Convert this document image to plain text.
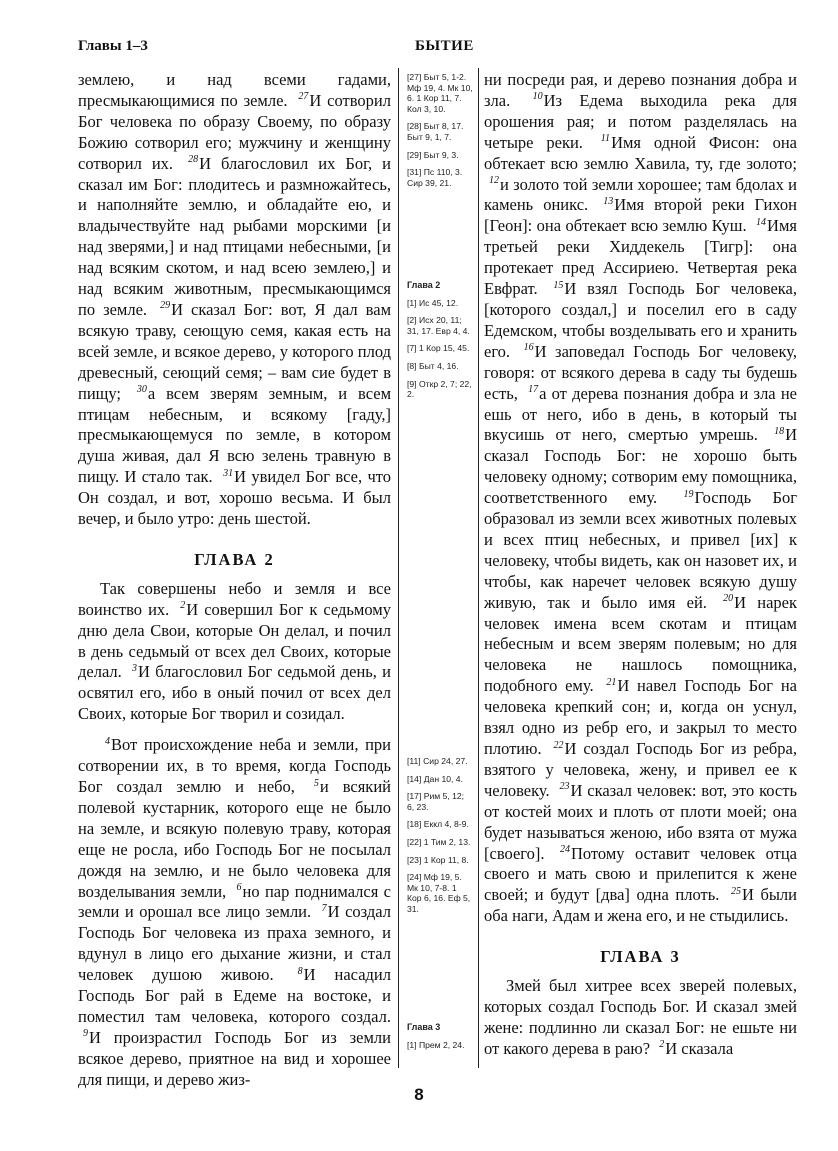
Главы 1–3	БЫТИЕ

землею, и над всеми гадами, пресмыкающимися по земле. $^{27}$И сотворил Бог человека по образу Своему, по образу Божию сотворил его; мужчину и женщину сотворил их. $^{28}$И благословил их Бог, и сказал им Бог: плодитесь и размножайтесь, и наполняйте землю, и обладайте ею, и владычествуйте над рыбами морскими [и над зверями,] и над птицами небесными, [и над всяким скотом, и над всею землею,] и над всяким животным, пресмыкающимся по земле. $^{29}$И сказал Бог: вот, Я дал вам всякую траву, сеющую семя, какая есть на всей земле, и всякое дерево, у которого плод древесный, сеющий семя; – вам сие будет в пищу; $^{30}$а всем зверям земным, и всем птицам небесным, и всякому [гаду,] пресмыкающемуся по земле, в котором душа живая, дал Я всю зелень травную в пищу. И стало так. $^{31}$И увидел Бог все, что Он создал, и вот, хорошо весьма. И был вечер, и было утро: день шестой.

ГЛАВА 2

Так совершены небо и земля и все воинство их. $^2$И совершил Бог к седьмому дню дела Свои, которые Он делал, и почил в день седьмый от всех дел Своих, которые делал. $^3$И благословил Бог седьмой день, и освятил его, ибо в оный почил от всех дел Своих, которые Бог творил и созидал.

$^4$Вот происхождение неба и земли, при сотворении их, в то время, когда Господь Бог создал землю и небо, $^5$и всякий полевой кустарник, которого еще не было на земле, и всякую полевую траву, которая еще не росла, ибо Господь Бог не посылал дождя на землю, и не было человека для возделывания земли, $^6$но пар поднимался с земли и орошал все лицо земли. $^7$И создал Господь Бог человека из праха земного, и вдунул в лицо его дыхание жизни, и стал человек душою живою. $^8$И насадил Господь Бог рай в Едеме на востоке, и поместил там человека, которого создал. $^9$И произрастил Господь Бог из земли всякое дерево, приятное на вид и хорошее для пищи, и дерево жиз-

[27] Быт 5, 1-2. Мф 19, 4. Мк 10, 6. 1 Кор 11, 7. Кол 3, 10.
[28] Быт 8, 17. Быт 9, 1, 7.
[29] Быт 9, 3.
[31] Пс 110, 3. Сир 39, 21.
Глава 2
[1] Ис 45, 12.
[2] Исх 20, 11; 31, 17. Евр 4, 4.
[7] 1 Кор 15, 45.
[8] Быт 4, 16.
[9] Откр 2, 7; 22, 2.
[11] Сир 24, 27.
[14] Дан 10, 4.
[17] Рим 5, 12; 6, 23.
[18] Еккл 4, 8-9.
[22] 1 Тим 2, 13.
[23] 1 Кор 11, 8.
[24] Мф 19, 5. Мк 10, 7-8. 1 Кор 6, 16. Еф 5, 31.
Глава 3
[1] Прем 2, 24.

ни посреди рая, и дерево познания добра и зла. $^{10}$Из Едема выходила река для орошения рая; и потом разделялась на четыре реки. $^{11}$Имя одной Фисон: она обтекает всю землю Хавила, ту, где золото; $^{12}$и золото той земли хорошее; там бдолах и камень оникс. $^{13}$Имя второй реки Гихон [Геон]: она обтекает всю землю Куш. $^{14}$Имя третьей реки Хиддекель [Тигр]: она протекает пред Ассириею. Четвертая река Евфрат. $^{15}$И взял Господь Бог человека, [которого создал,] и поселил его в саду Едемском, чтобы возделывать его и хранить его. $^{16}$И заповедал Господь Бог человеку, говоря: от всякого дерева в саду ты будешь есть, $^{17}$а от дерева познания добра и зла не ешь от него, ибо в день, в который ты вкусишь от него, смертью умрешь. $^{18}$И сказал Господь Бог: не хорошо быть человеку одному; сотворим ему помощника, соответственного ему. $^{19}$Господь Бог образовал из земли всех животных полевых и всех птиц небесных, и привел [их] к человеку, чтобы видеть, как он назовет их, и чтобы, как наречет человек всякую душу живую, так и было имя ей. $^{20}$И нарек человек имена всем скотам и птицам небесным и всем зверям полевым; но для человека не нашлось помощника, подобного ему. $^{21}$И навел Господь Бог на человека крепкий сон; и, когда он уснул, взял одно из ребр его, и закрыл то место плотию. $^{22}$И создал Господь Бог из ребра, взятого у человека, жену, и привел ее к человеку. $^{23}$И сказал человек: вот, это кость от костей моих и плоть от плоти моей; она будет называться женою, ибо взята от мужа [своего]. $^{24}$Потому оставит человек отца своего и мать свою и прилепится к жене своей; и будут [два] одна плоть. $^{25}$И были оба наги, Адам и жена его, и не стыдились.

ГЛАВА 3

Змей был хитрее всех зверей полевых, которых создал Господь Бог. И сказал змей жене: подлинно ли сказал Бог: не ешьте ни от какого дерева в раю? $^2$И сказала

8
